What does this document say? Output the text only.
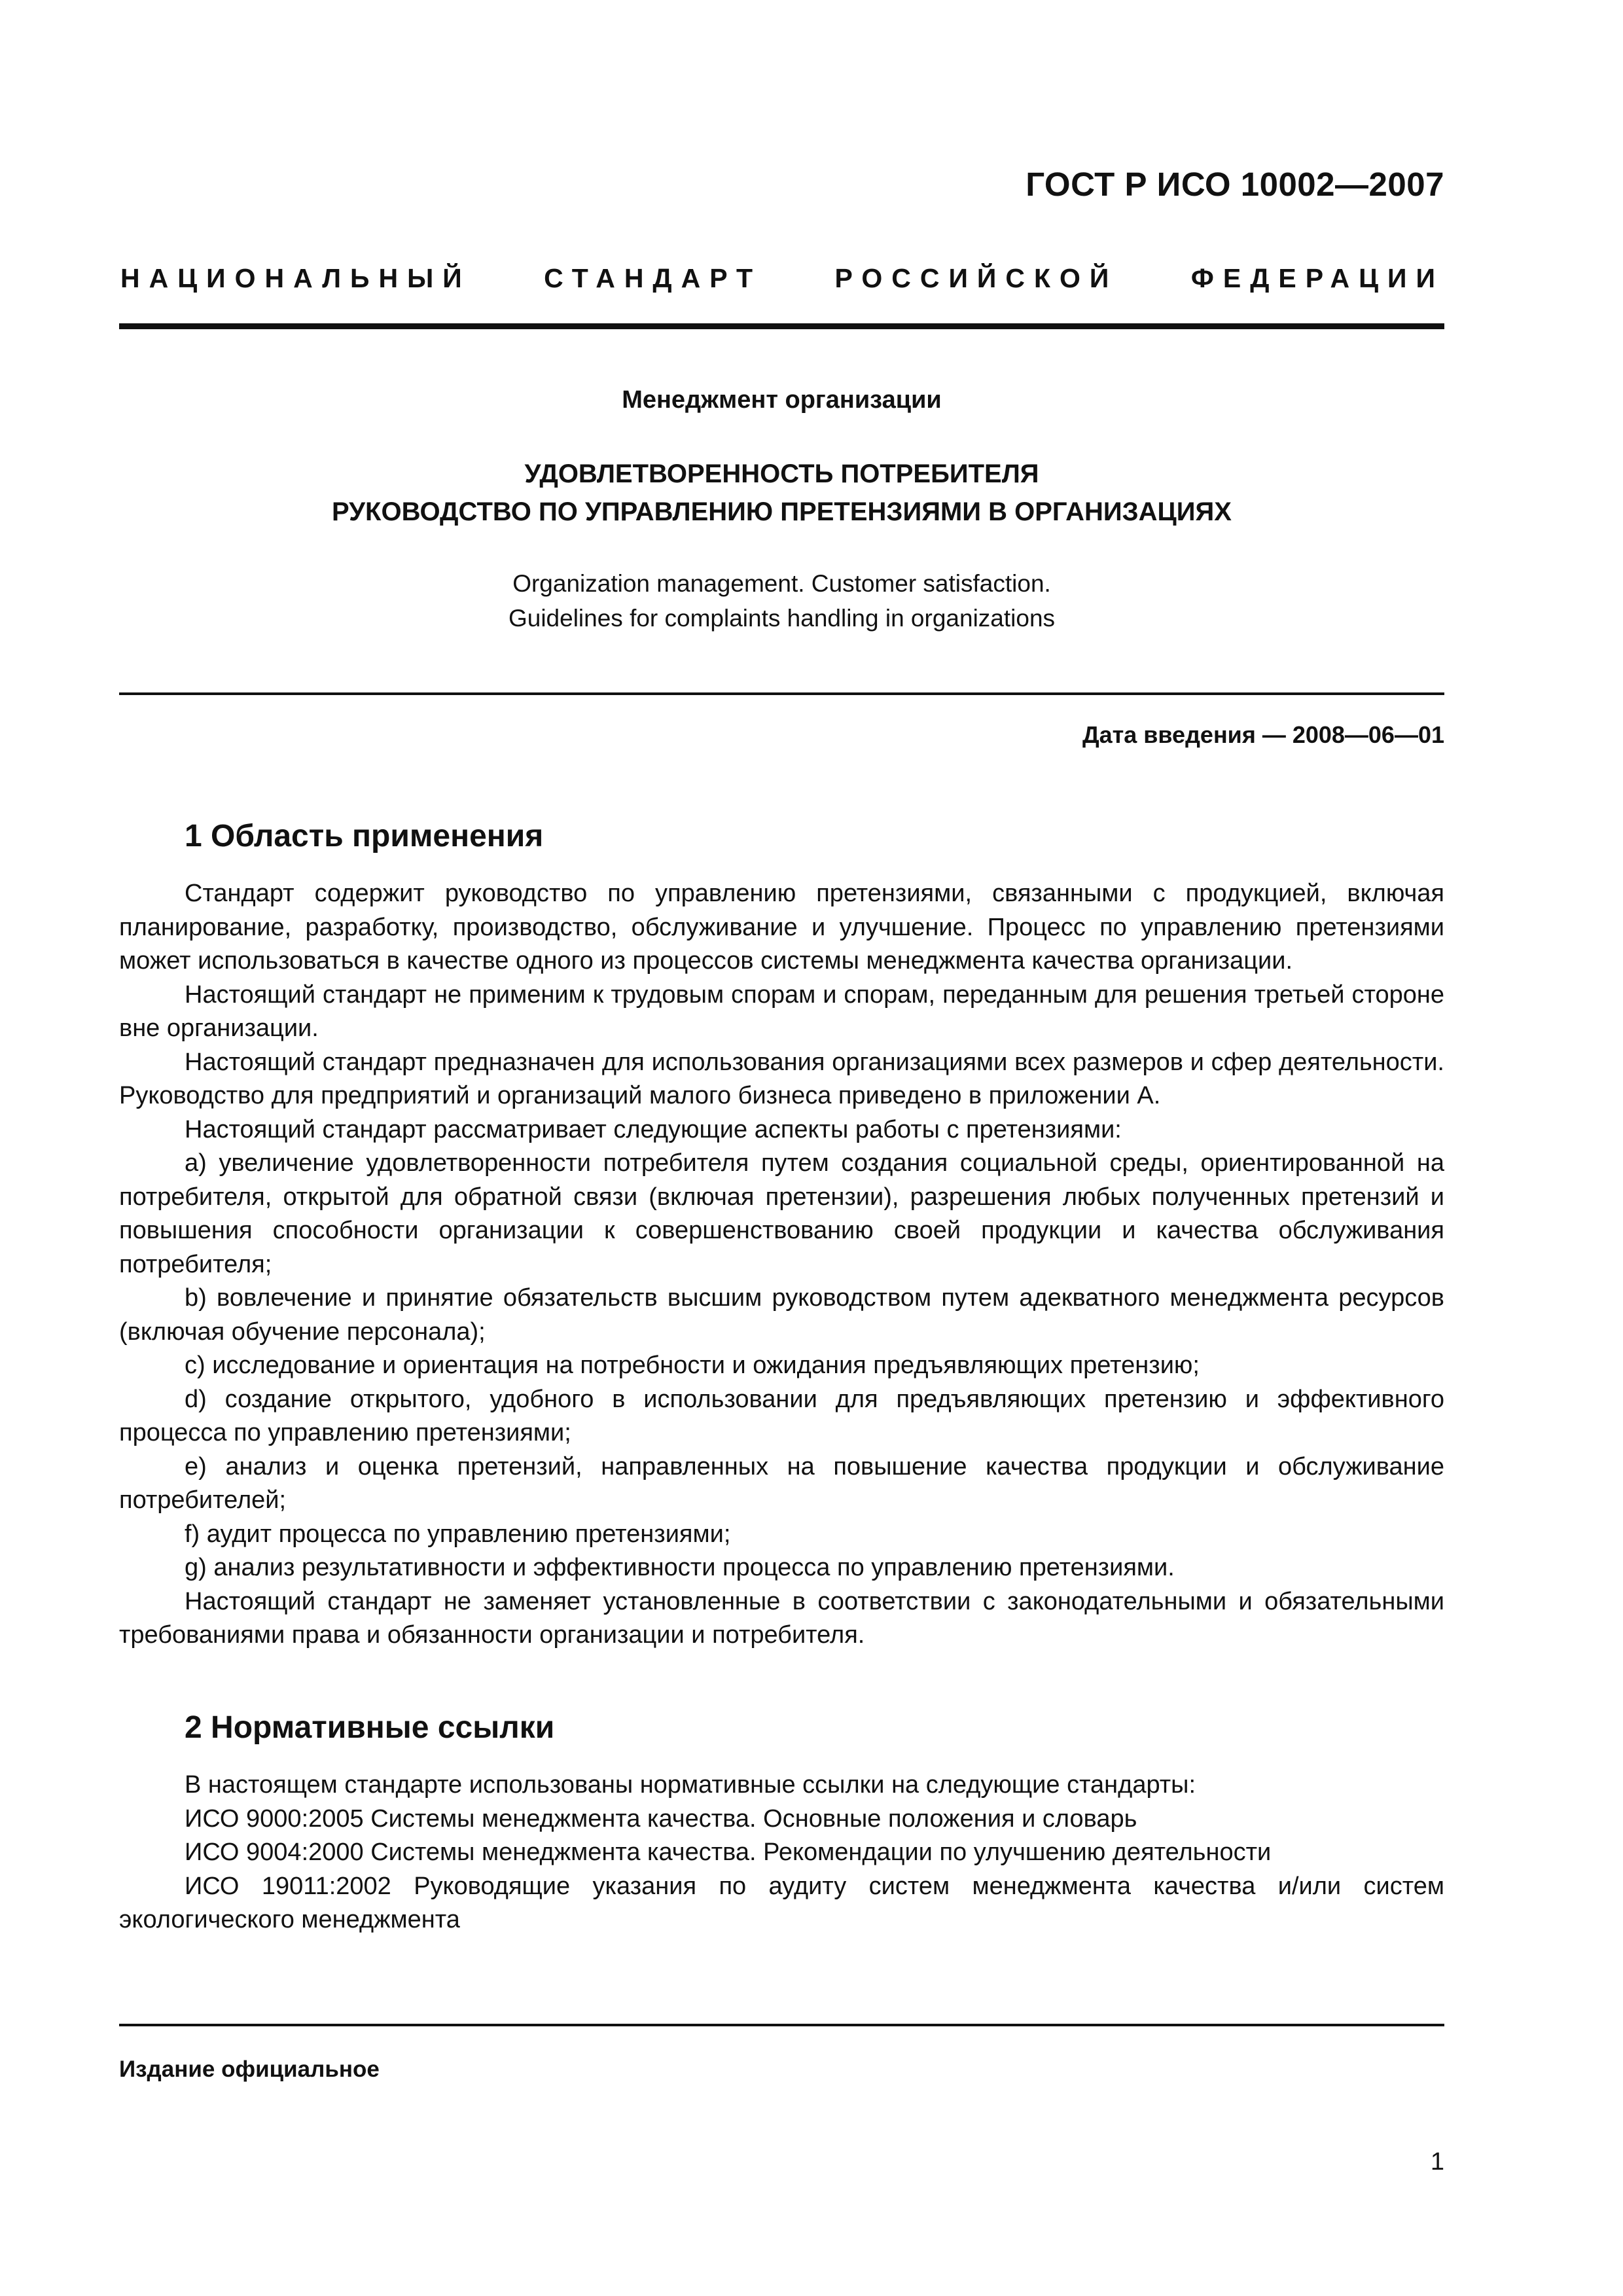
ГОСТ Р ИСО 10002—2007
НАЦИОНАЛЬНЫЙ	СТАНДАРТ	РОССИЙСКОЙ	ФЕДЕРАЦИИ
Менеджмент организации
УДОВЛЕТВОРЕННОСТЬ ПОТРЕБИТЕЛЯ
РУКОВОДСТВО ПО УПРАВЛЕНИЮ ПРЕТЕНЗИЯМИ В ОРГАНИЗАЦИЯХ
Organization management. Customer satisfaction.
Guidelines for complaints handling in organizations
Дата введения — 2008—06—01
1 Область применения

Стандарт содержит руководство по управлению претензиями, связанными с продукцией, включая планирование, разработку, производство, обслуживание и улучшение. Процесс по управлению претензиями может использоваться в качестве одного из процессов системы менеджмента качества организации.

Настоящий стандарт не применим к трудовым спорам и спорам, переданным для решения третьей стороне вне организации.

Настоящий стандарт предназначен для использования организациями всех размеров и сфер деятельности. Руководство для предприятий и организаций малого бизнеса приведено в приложении А.

Настоящий стандарт рассматривает следующие аспекты работы с претензиями:

a) увеличение удовлетворенности потребителя путем создания социальной среды, ориентированной на потребителя, открытой для обратной связи (включая претензии), разрешения любых полученных претензий и повышения способности организации к совершенствованию своей продукции и качества обслуживания потребителя;
b) вовлечение и принятие обязательств высшим руководством путем адекватного менеджмента ресурсов (включая обучение персонала);
c) исследование и ориентация на потребности и ожидания предъявляющих претензию;
d) создание открытого, удобного в использовании для предъявляющих претензию и эффективного процесса по управлению претензиями;
e) анализ и оценка претензий, направленных на повышение качества продукции и обслуживание потребителей;
f) аудит процесса по управлению претензиями;
g) анализ результативности и эффективности процесса по управлению претензиями.

Настоящий стандарт не заменяет установленные в соответствии с законодательными и обязательными требованиями права и обязанности организации и потребителя.

2 Нормативные ссылки

В настоящем стандарте использованы нормативные ссылки на следующие стандарты:

ИСО 9000:2005 Системы менеджмента качества. Основные положения и словарь

ИСО 9004:2000 Системы менеджмента качества. Рекомендации по улучшению деятельности

ИСО 19011:2002 Руководящие указания по аудиту систем менеджмента качества и/или систем экологического менеджмента

Издание официальное
1
